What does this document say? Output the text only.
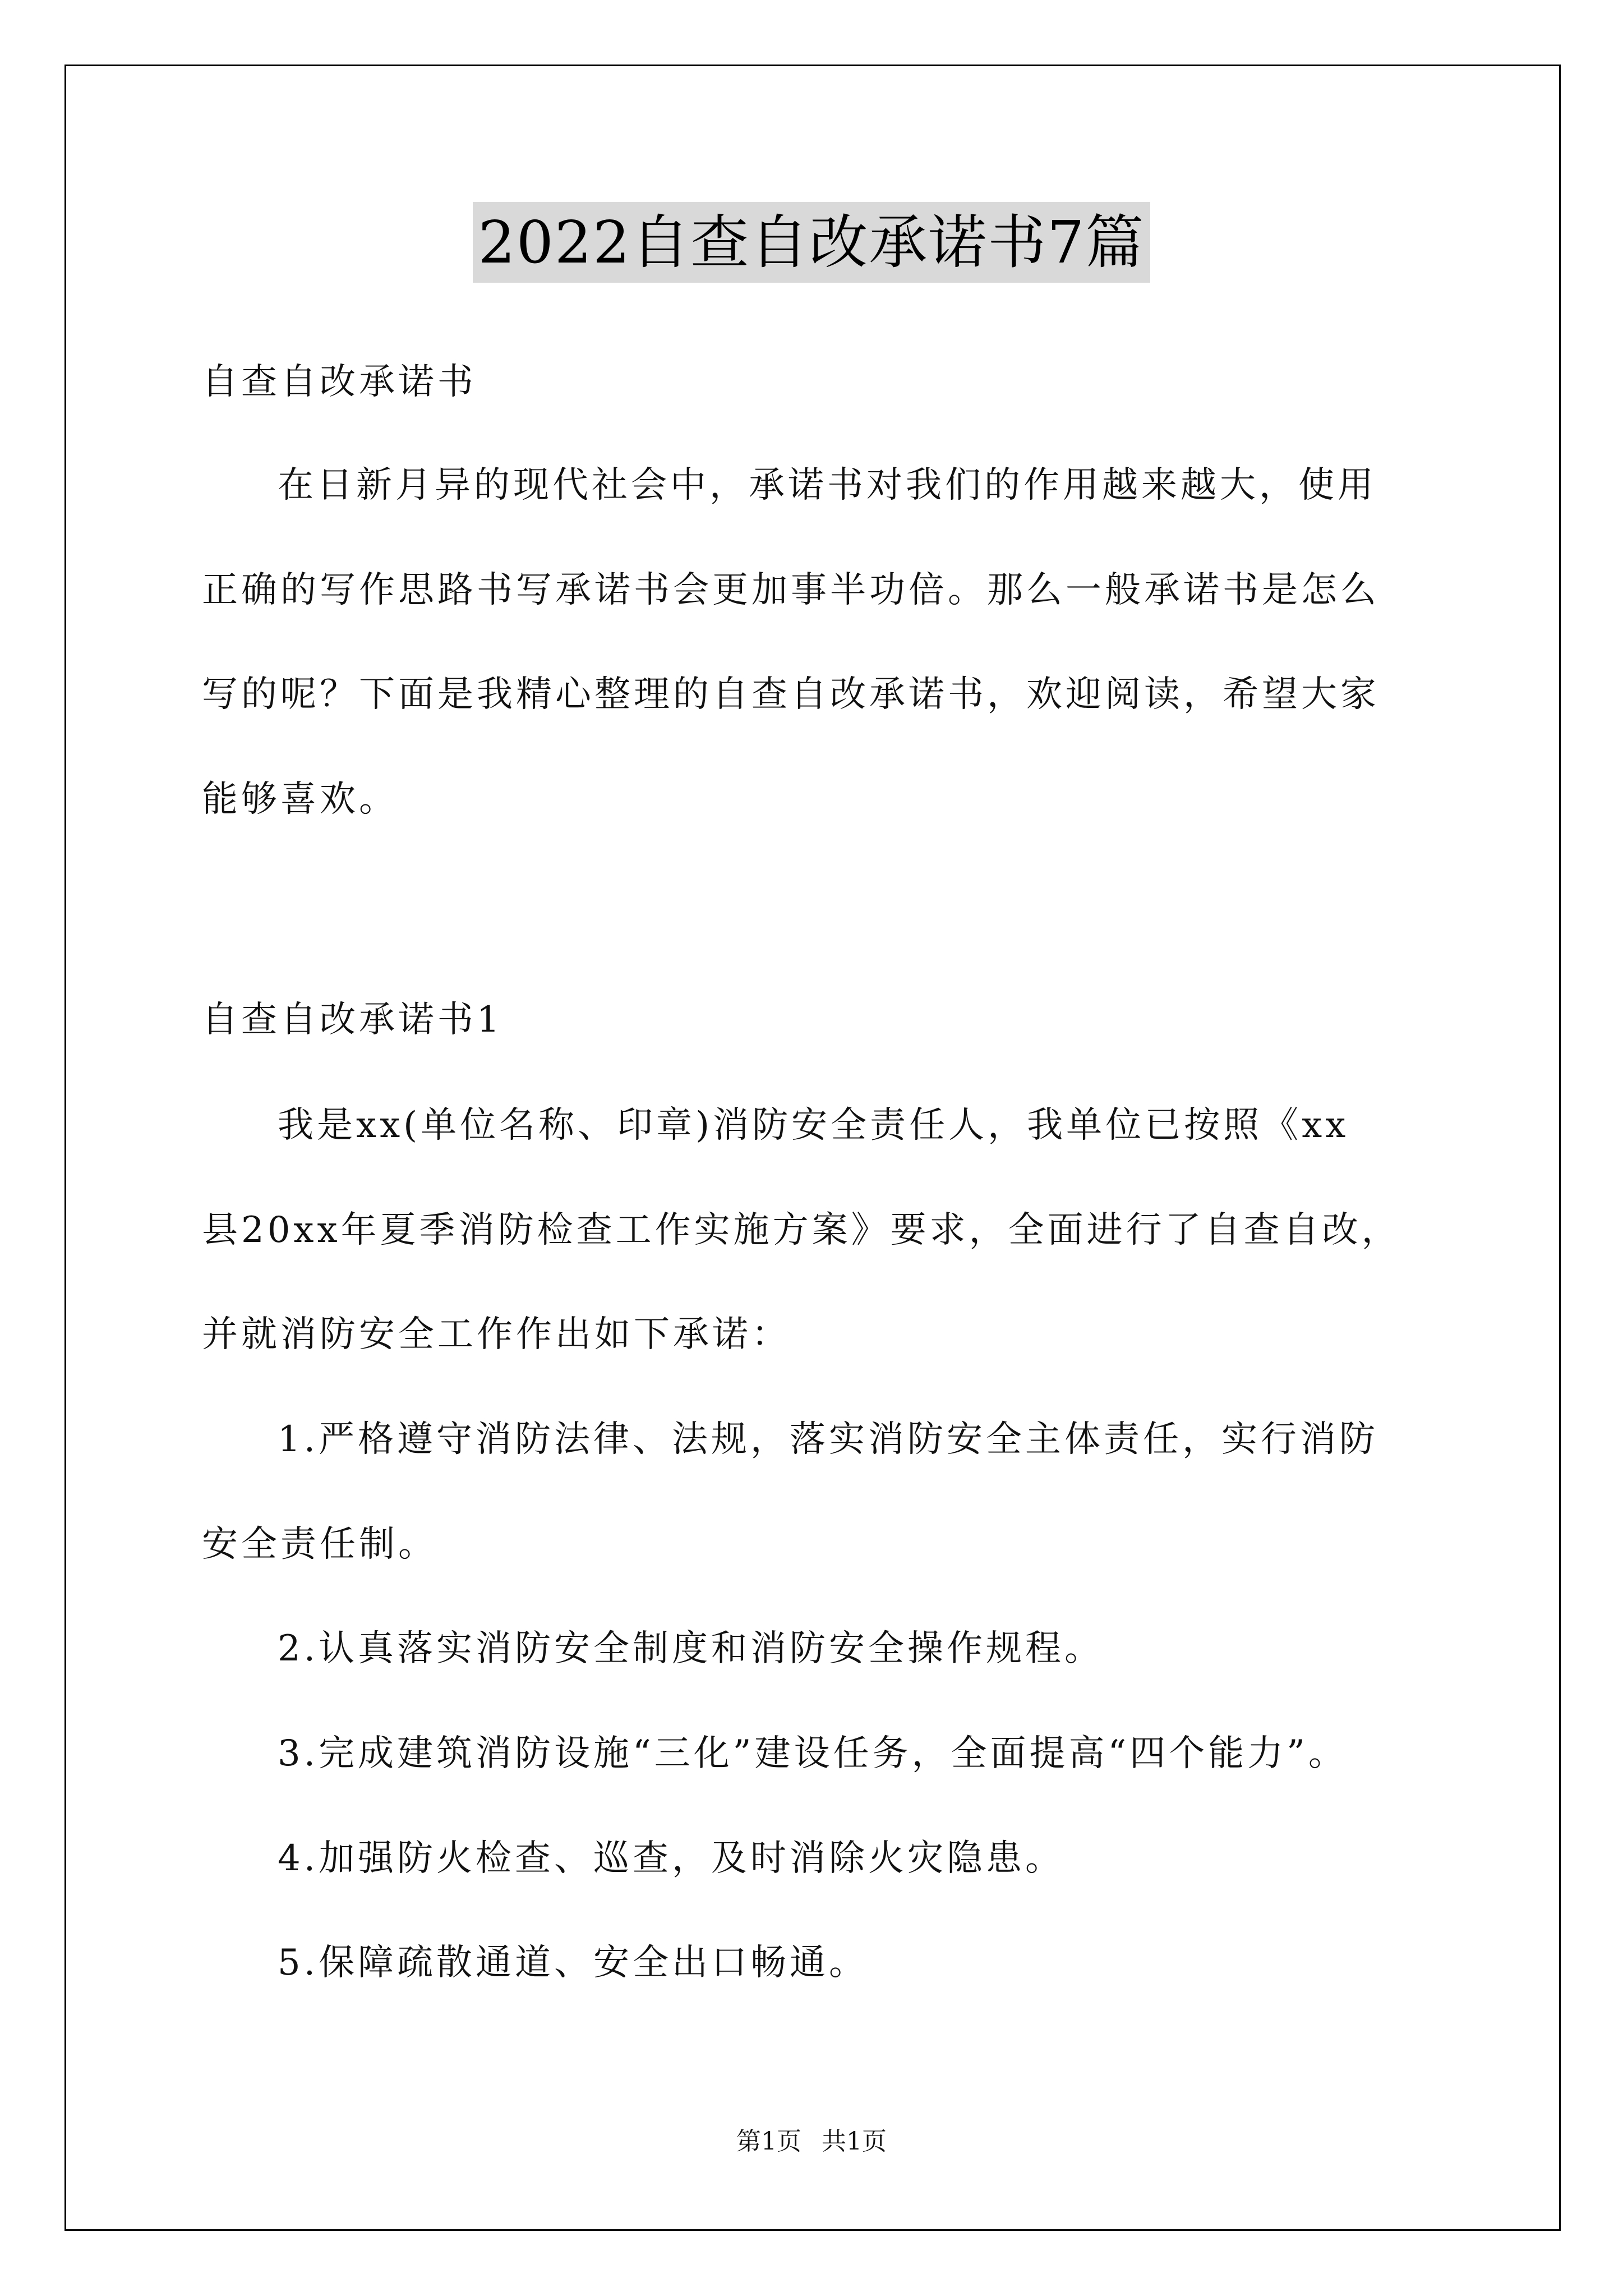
2022自查自改承诺书7篇
自查自改承诺书
在日新月异的现代社会中，承诺书对我们的作用越来越大，使用
正确的写作思路书写承诺书会更加事半功倍。那么一般承诺书是怎么
写的呢？下面是我精心整理的自查自改承诺书，欢迎阅读，希望大家
能够喜欢。
自查自改承诺书1
我是xx(单位名称、印章)消防安全责任人，我单位已按照《xx
县20xx年夏季消防检查工作实施方案》要求，全面进行了自查自改，
并就消防安全工作作出如下承诺：
1.严格遵守消防法律、法规，落实消防安全主体责任，实行消防
安全责任制。
2.认真落实消防安全制度和消防安全操作规程。
3.完成建筑消防设施“三化”建设任务，全面提高“四个能力”。
4.加强防火检查、巡查，及时消除火灾隐患。
5.保障疏散通道、安全出口畅通。
第1页 共1页
